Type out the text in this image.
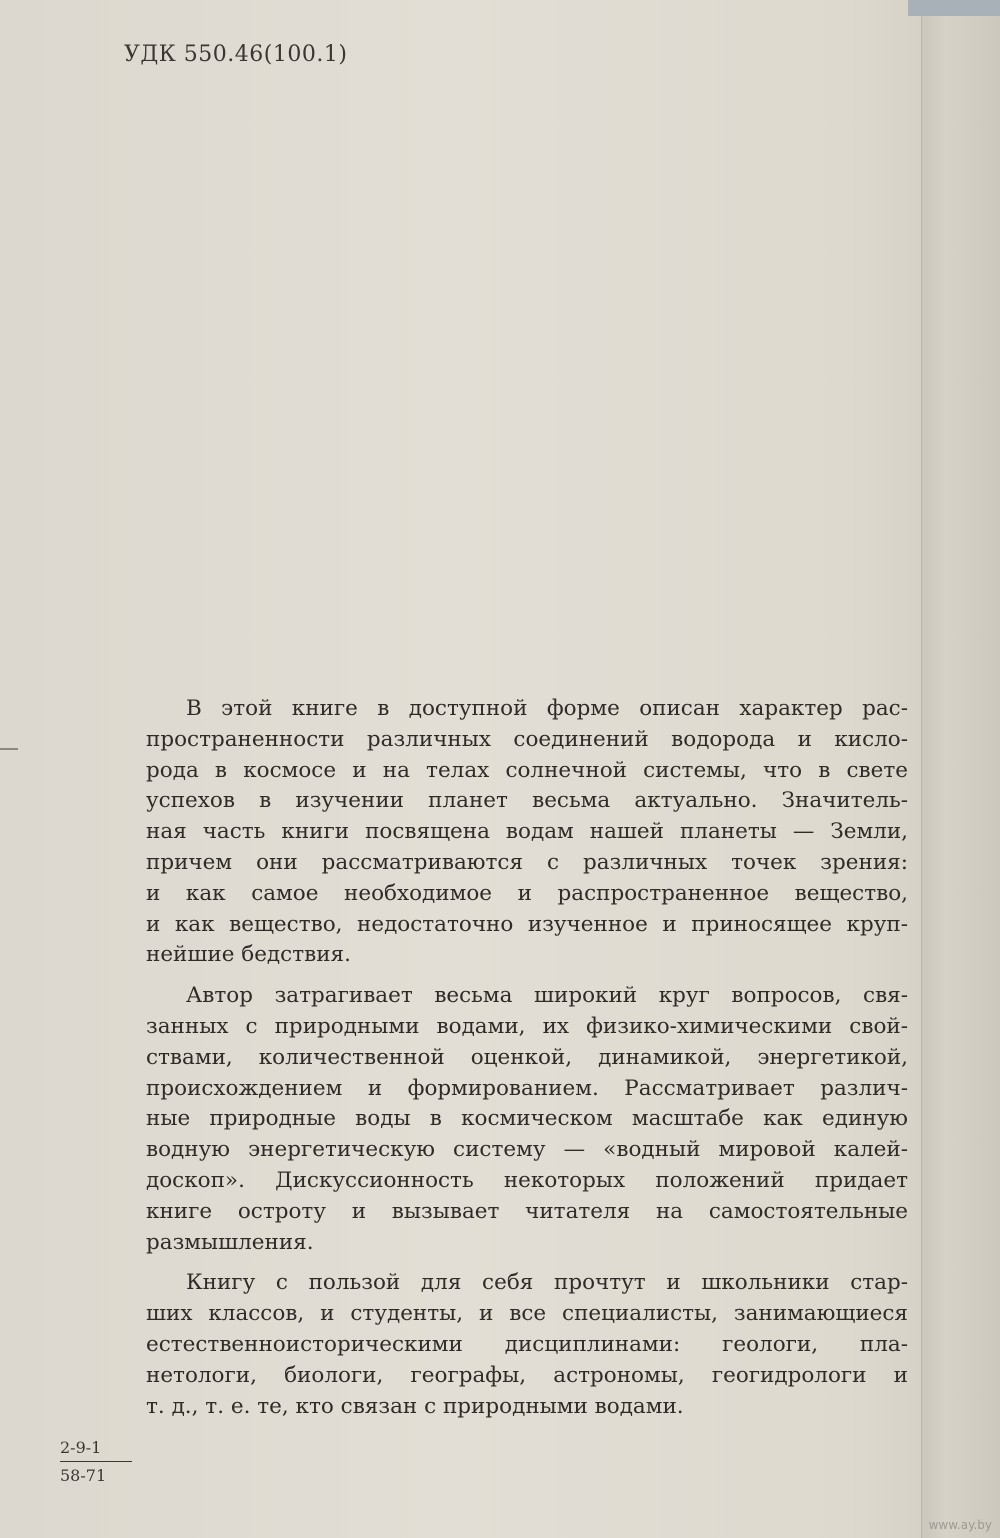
УДК 550.46(100.1)
В этой книге в доступной форме описан характер рас-
пространенности различных соединений водорода и кисло-
рода в космосе и на телах солнечной системы, что в свете
успехов в изучении планет весьма актуально. Значитель-
ная часть книги посвящена водам нашей планеты — Земли,
причем они рассматриваются с различных точек зрения:
и как самое необходимое и распространенное вещество,
и как вещество, недостаточно изученное и приносящее круп-
нейшие бедствия.
Автор затрагивает весьма широкий круг вопросов, свя-
занных с природными водами, их физико-химическими свой-
ствами, количественной оценкой, динамикой, энергетикой,
происхождением и формированием. Рассматривает различ-
ные природные воды в космическом масштабе как единую
водную энергетическую систему — «водный мировой калей-
доскоп». Дискуссионность некоторых положений придает
книге остроту и вызывает читателя на самостоятельные
размышления.
Книгу с пользой для себя прочтут и школьники стар-
ших классов, и студенты, и все специалисты, занимающиеся
естественноисторическими дисциплинами: геологи, пла-
нетологи, биологи, географы, астрономы, геогидрологи и
т. д., т. е. те, кто связан с природными водами.
$\frac{2-9-1}{58-71}$
www.ay.by
